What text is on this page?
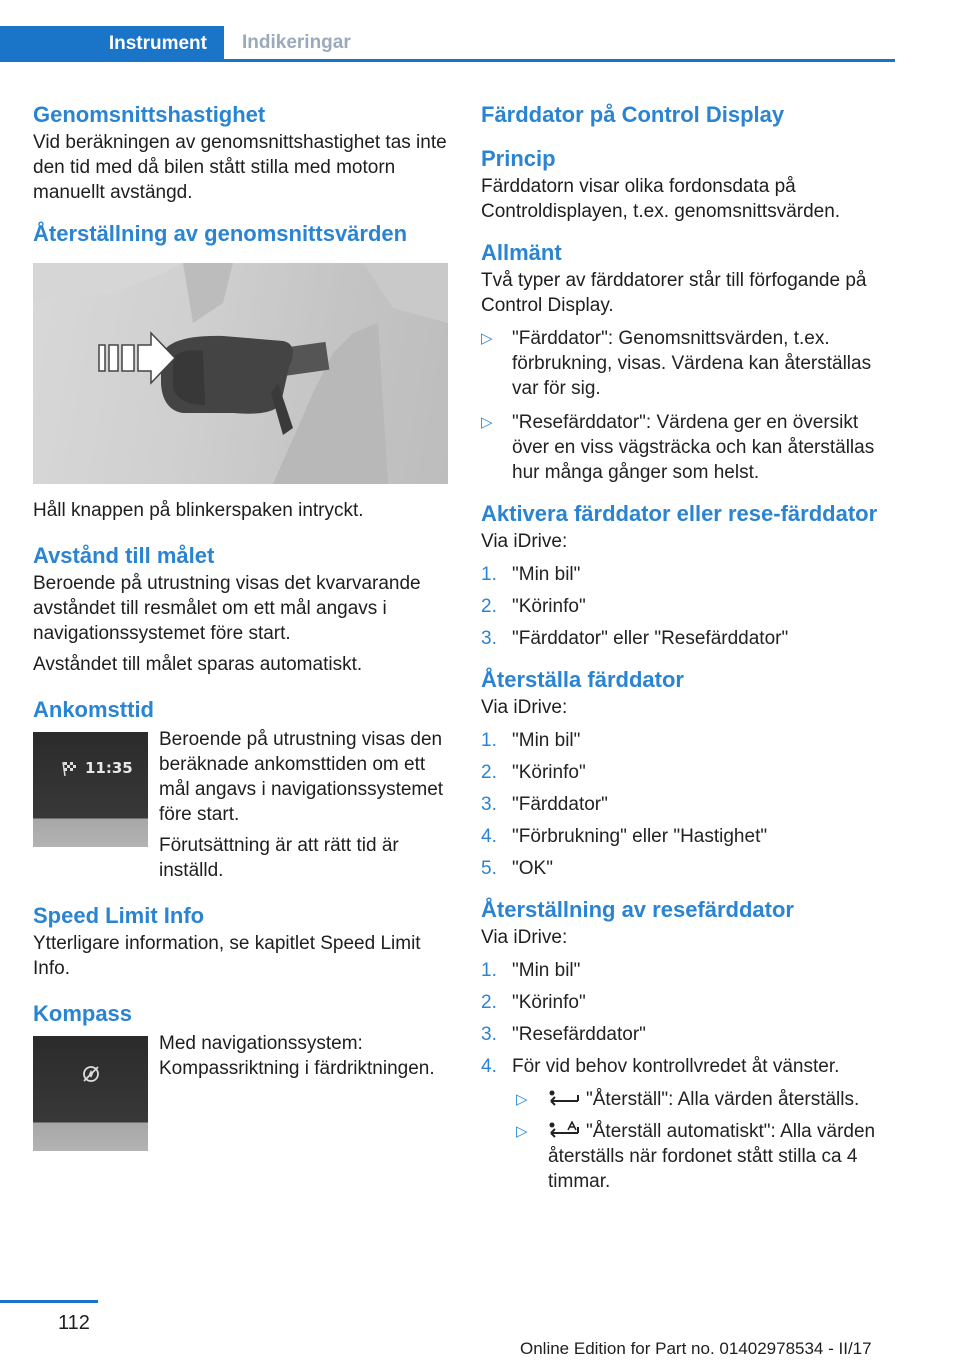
Instrument	Indikeringar
Genomsnittshastighet

Vid beräkningen av genomsnittshastighet tas inte den tid med då bilen stått stilla med motorn manuellt avstängd.

Återställning av genomsnittsvärden

Håll knappen på blinkerspaken intryckt.

Avstånd till målet

Beroende på utrustning visas det kvarvarande avståndet till resmålet om ett mål angavs i navigationssystemet före start.

Avståndet till målet sparas automatiskt.

Ankomsttid
11:35

Beroende på utrustning visas den beräknade ankomsttiden om ett mål angavs i navigationssystemet före start.

Förutsättning är att rätt tid är inställd.

Speed Limit Info

Ytterligare information, se kapitlet Speed Limit Info.

Kompass

Med navigationssystem: Kompassriktning i färdriktningen.

Färddator på Control Display
Princip

Färddatorn visar olika fordonsdata på Controldisplayen, t.ex. genomsnittsvärden.

Allmänt

Två typer av färddatorer står till förfogande på Control Display.

▷ "Färddator": Genomsnittsvärden, t.ex. förbrukning, visas. Värdena kan återställas var för sig.
▷ "Resefärddator": Värdena ger en översikt över en viss vägsträcka och kan återställas hur många gånger som helst.
Aktivera färddator eller rese-färddator

Via iDrive:

1. "Min bil"
2. "Körinfo"
3. "Färddator" eller "Resefärddator"
Återställa färddator

Via iDrive:

1. "Min bil"
2. "Körinfo"
3. "Färddator"
4. "Förbrukning" eller "Hastighet"
5. "OK"
Återställning av resefärddator

Via iDrive:

1. "Min bil"
2. "Körinfo"
3. "Resefärddator"
4. För vid behov kontrollvredet åt vänster.
▷	"Återställ": Alla värden återställs.
▷	"Återställ automatiskt": Alla värden återställs när fordonet stått stilla ca 4 timmar.
112
Online Edition for Part no. 01402978534 - II/17
